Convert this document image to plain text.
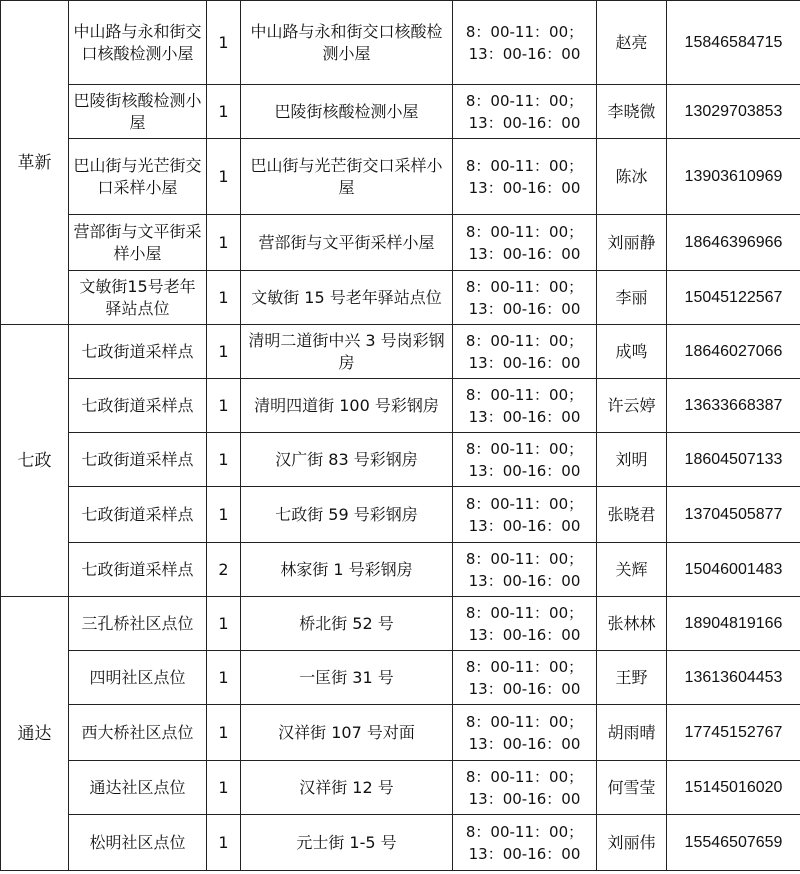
革新	中山路与永和街交口核酸检测小屋	1	中山路与永和街交口核酸检测小屋	8：00-11：00；
13：00-16：00	赵亮	15846584715
	巴陵街核酸检测小屋	1	巴陵街核酸检测小屋	8：00-11：00；
13：00-16：00	李晓微	13029703853
	巴山街与光芒街交口采样小屋	1	巴山街与光芒街交口采样小屋	8：00-11：00；
13：00-16：00	陈冰	13903610969
	营部街与文平街采样小屋	1	营部街与文平街采样小屋	8：00-11：00；
13：00-16：00	刘丽静	18646396966
	文敏街15号老年驿站点位	1	文敏街 15 号老年驿站点位	8：00-11：00；
13：00-16：00	李丽	15045122567
七政	七政街道采样点	1	清明二道街中兴 3 号岗彩钢房	8：00-11：00；
13：00-16：00	成鸣	18646027066
	七政街道采样点	1	清明四道街 100 号彩钢房	8：00-11：00；
13：00-16：00	许云婷	13633668387
	七政街道采样点	1	汉广街 83 号彩钢房	8：00-11：00；
13：00-16：00	刘明	18604507133
	七政街道采样点	1	七政街 59 号彩钢房	8：00-11：00；
13：00-16：00	张晓君	13704505877
	七政街道采样点	2	林家街 1 号彩钢房	8：00-11：00；
13：00-16：00	关辉	15046001483
通达	三孔桥社区点位	1	桥北街 52 号	8：00-11：00；
13：00-16：00	张林林	18904819166
	四明社区点位	1	一匡街 31 号	8：00-11：00；
13：00-16：00	王野	13613604453
	西大桥社区点位	1	汉祥街 107 号对面	8：00-11：00；
13：00-16：00	胡雨晴	17745152767
	通达社区点位	1	汉祥街 12 号	8：00-11：00；
13：00-16：00	何雪莹	15145016020
	松明社区点位	1	元士街 1-5 号	8：00-11：00；
13：00-16：00	刘丽伟	15546507659
